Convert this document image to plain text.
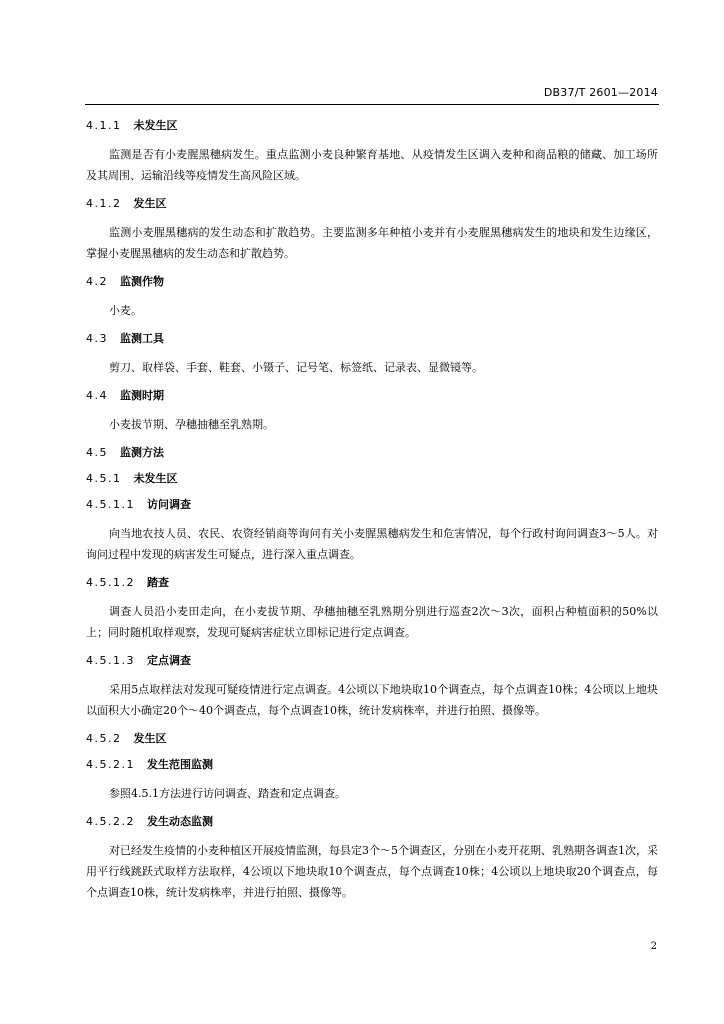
DB37/T 2601—2014
4.1.1 未发生区
监测是否有小麦腥黑穗病发生。重点监测小麦良种繁育基地、从疫情发生区调入麦种和商品粮的储藏、加工场所及其周围、运输沿线等疫情发生高风险区域。
4.1.2 发生区
监测小麦腥黑穗病的发生动态和扩散趋势。主要监测多年种植小麦并有小麦腥黑穗病发生的地块和发生边缘区，掌握小麦腥黑穗病的发生动态和扩散趋势。
4.2 监测作物
小麦。
4.3 监测工具
剪刀、取样袋、手套、鞋套、小镊子、记号笔、标签纸、记录表、显微镜等。
4.4 监测时期
小麦拔节期、孕穗抽穗至乳熟期。
4.5 监测方法
4.5.1 未发生区
4.5.1.1 访问调查
向当地农技人员、农民、农资经销商等询问有关小麦腥黑穗病发生和危害情况，每个行政村询问调查3～5人。对询问过程中发现的病害发生可疑点，进行深入重点调查。
4.5.1.2 踏查
调查人员沿小麦田走向，在小麦拔节期、孕穗抽穗至乳熟期分别进行巡查2次～3次，面积占种植面积的50%以上；同时随机取样观察，发现可疑病害症状立即标记进行定点调查。
4.5.1.3 定点调查
采用5点取样法对发现可疑疫情进行定点调查。4公顷以下地块取10个调查点，每个点调查10株；4公顷以上地块以面积大小确定20个～40个调查点，每个点调查10株，统计发病株率，并进行拍照、摄像等。
4.5.2 发生区
4.5.2.1 发生范围监测
参照4.5.1方法进行访问调查、踏查和定点调查。
4.5.2.2 发生动态监测
对已经发生疫情的小麦种植区开展疫情监测，每县定3个～5个调查区，分别在小麦开花期、乳熟期各调查1次，采用平行线跳跃式取样方法取样，4公顷以下地块取10个调查点，每个点调查10株；4公顷以上地块取20个调查点，每个点调查10株，统计发病株率，并进行拍照、摄像等。
2
